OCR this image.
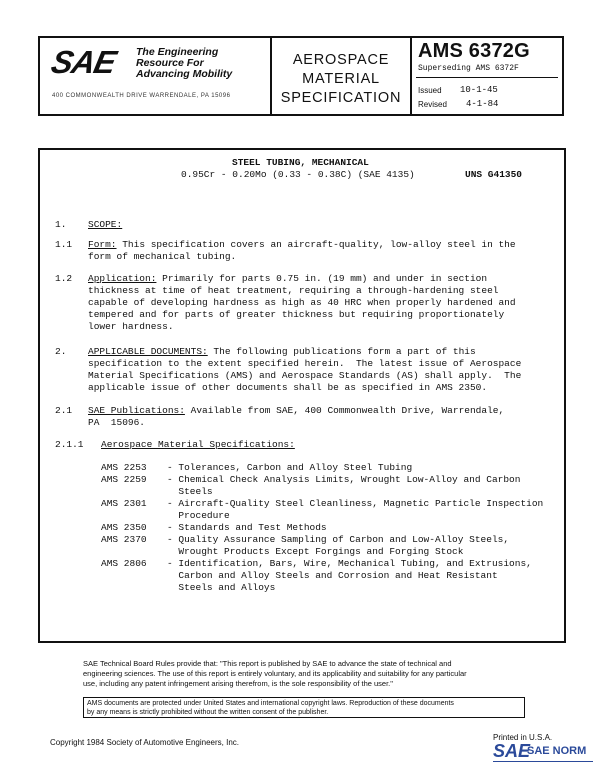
SAE The Engineering
Resource For
Advancing Mobility
400 COMMONWEALTH DRIVE WARRENDALE, PA 15096
AEROSPACE
MATERIAL
SPECIFICATION
AMS 6372G
Superseding AMS 6372F
Issued 10-1-45
Revised 4-1-84
STEEL TUBING, MECHANICAL
0.95Cr - 0.20Mo (0.33 - 0.38C) (SAE 4135)	UNS G41350
1. SCOPE:
1.1 Form: This specification covers an aircraft-quality, low-alloy steel in the
form of mechanical tubing.
1.2 Application: Primarily for parts 0.75 in. (19 mm) and under in section
thickness at time of heat treatment, requiring a through-hardening steel
capable of developing hardness as high as 40 HRC when properly hardened and
tempered and for parts of greater thickness but requiring proportionately
lower hardness.
2. APPLICABLE DOCUMENTS: The following publications form a part of this
specification to the extent specified herein.  The latest issue of Aerospace
Material Specifications (AMS) and Aerospace Standards (AS) shall apply.  The
applicable issue of other documents shall be as specified in AMS 2350.
2.1 SAE Publications: Available from SAE, 400 Commonwealth Drive, Warrendale,
PA  15096.
2.1.1 Aerospace Material Specifications:
AMS 2253	- Tolerances, Carbon and Alloy Steel Tubing
AMS 2259	- Chemical Check Analysis Limits, Wrought Low-Alloy and Carbon
Steels
AMS 2301	- Aircraft-Quality Steel Cleanliness, Magnetic Particle Inspection
Procedure
AMS 2350	- Standards and Test Methods
AMS 2370	- Quality Assurance Sampling of Carbon and Low-Alloy Steels,
Wrought Products Except Forgings and Forging Stock
AMS 2806	- Identification, Bars, Wire, Mechanical Tubing, and Extrusions,
Carbon and Alloy Steels and Corrosion and Heat Resistant
Steels and Alloys
SAE Technical Board Rules provide that: "This report is published by SAE to advance the state of technical and
engineering sciences. The use of this report is entirely voluntary, and its applicability and suitability for any particular
use, including any patent infringement arising therefrom, is the sole responsibility of the user."
AMS documents are protected under United States and international copyright laws. Reproduction of these documents
by any means is strictly prohibited without the written consent of the publisher.
Copyright 1984 Society of Automotive Engineers, Inc.
Printed in U.S.A.
SAE
SAE NORM
